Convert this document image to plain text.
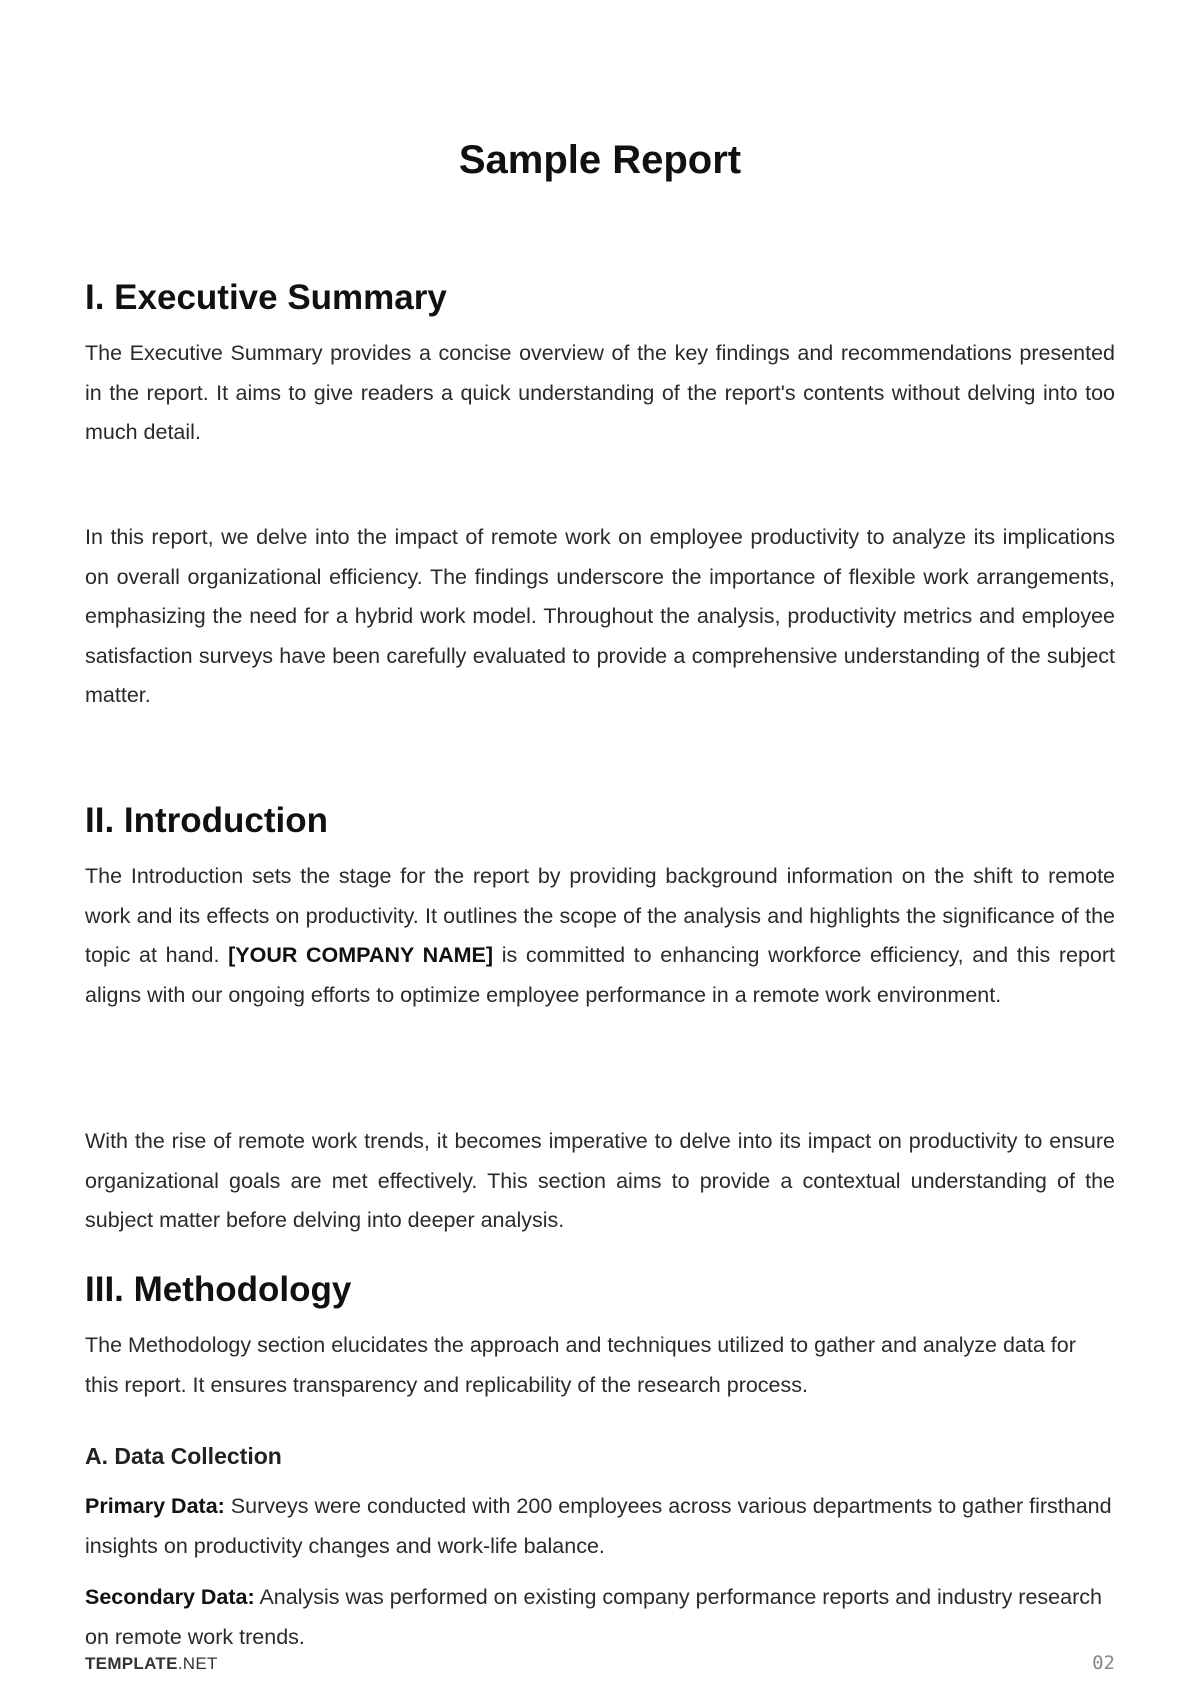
Sample Report
I. Executive Summary

The Executive Summary provides a concise overview of the key findings and recommendations presented in the report. It aims to give readers a quick understanding of the report's contents without delving into too much detail.

In this report, we delve into the impact of remote work on employee productivity to analyze its implications on overall organizational efficiency. The findings underscore the importance of flexible work arrangements, emphasizing the need for a hybrid work model. Throughout the analysis, productivity metrics and employee satisfaction surveys have been carefully evaluated to provide a comprehensive understanding of the subject matter.

II. Introduction

The Introduction sets the stage for the report by providing background information on the shift to remote work and its effects on productivity. It outlines the scope of the analysis and highlights the significance of the topic at hand. [YOUR COMPANY NAME] is committed to enhancing workforce efficiency, and this report aligns with our ongoing efforts to optimize employee performance in a remote work environment.

With the rise of remote work trends, it becomes imperative to delve into its impact on productivity to ensure organizational goals are met effectively. This section aims to provide a contextual understanding of the subject matter before delving into deeper analysis.

III. Methodology

The Methodology section elucidates the approach and techniques utilized to gather and analyze data for this report. It ensures transparency and replicability of the research process.

A. Data Collection

Primary Data: Surveys were conducted with 200 employees across various departments to gather firsthand insights on productivity changes and work-life balance.

Secondary Data: Analysis was performed on existing company performance reports and industry research on remote work trends.

TEMPLATE.NET	02
